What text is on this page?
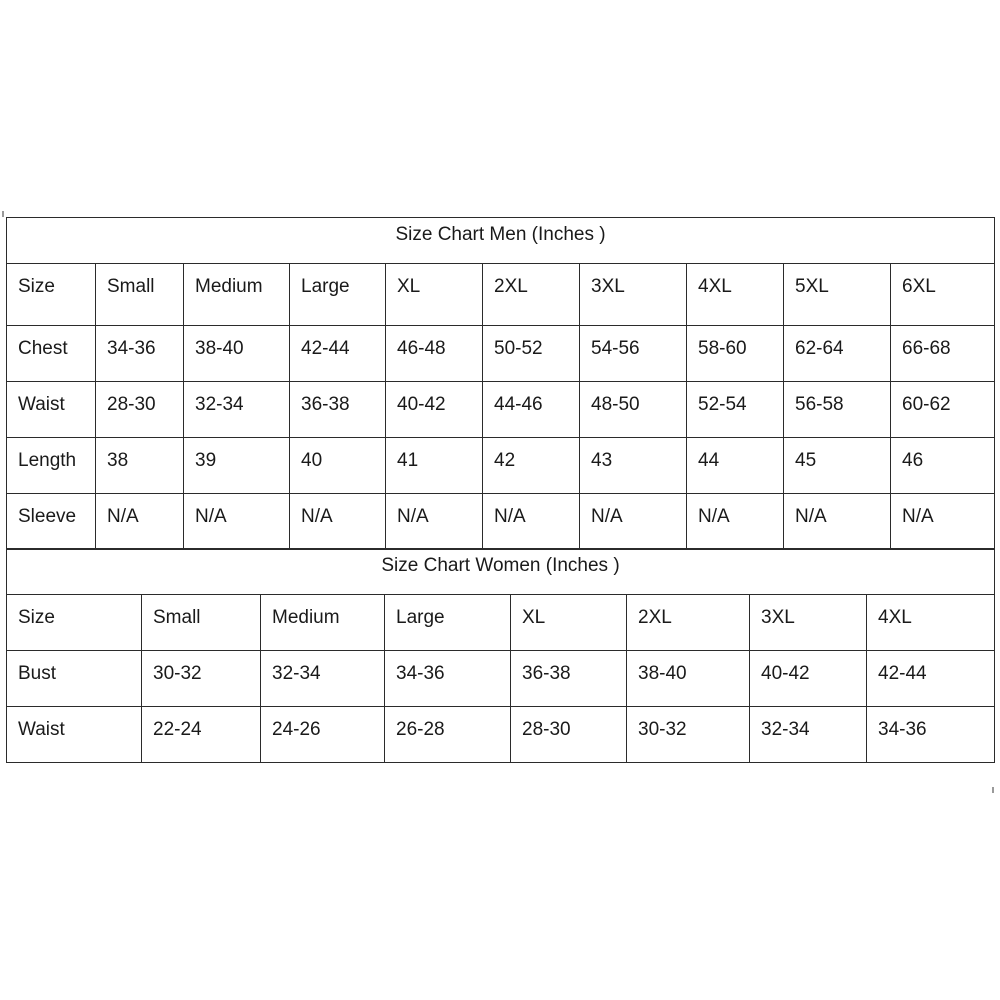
Size Chart Men (Inches )									
Size	Small	Medium	Large	XL	2XL	3XL	4XL	5XL	6XL
Chest	34-36	38-40	42-44	46-48	50-52	54-56	58-60	62-64	66-68
Waist	28-30	32-34	36-38	40-42	44-46	48-50	52-54	56-58	60-62
Length	38	39	40	41	42	43	44	45	46
Sleeve	N/A	N/A	N/A	N/A	N/A	N/A	N/A	N/A	N/A
Size Chart Women (Inches )							
Size	Small	Medium	Large	XL	2XL	3XL	4XL
Bust	30-32	32-34	34-36	36-38	38-40	40-42	42-44
Waist	22-24	24-26	26-28	28-30	30-32	32-34	34-36
